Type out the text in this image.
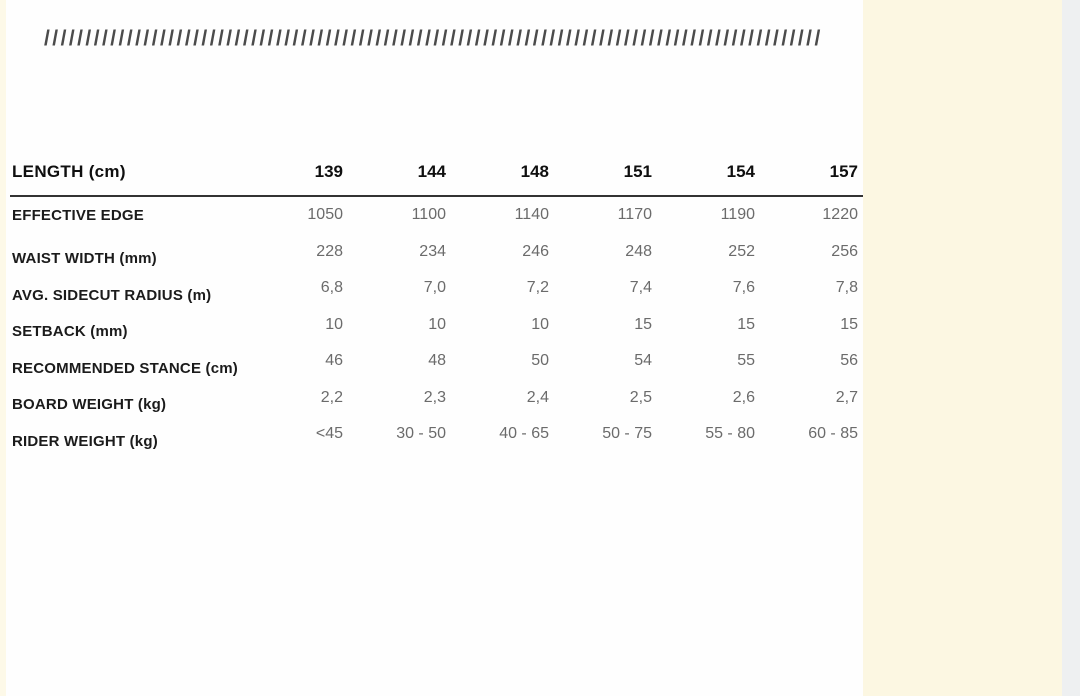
//////////////////////////////////////////////////////////////////////////////////////////////
LENGTH (cm)	139	144	148	151	154	157
EFFECTIVE EDGE	1050	1100	1140	1170	1190	1220
WAIST WIDTH (mm)	228	234	246	248	252	256
AVG. SIDECUT RADIUS (m)	6,8	7,0	7,2	7,4	7,6	7,8
SETBACK (mm)	10	10	10	15	15	15
RECOMMENDED STANCE (cm)	46	48	50	54	55	56
BOARD WEIGHT (kg)	2,2	2,3	2,4	2,5	2,6	2,7
RIDER WEIGHT (kg)	<45	30 - 50	40 - 65	50 - 75	55 - 80	60 - 85
